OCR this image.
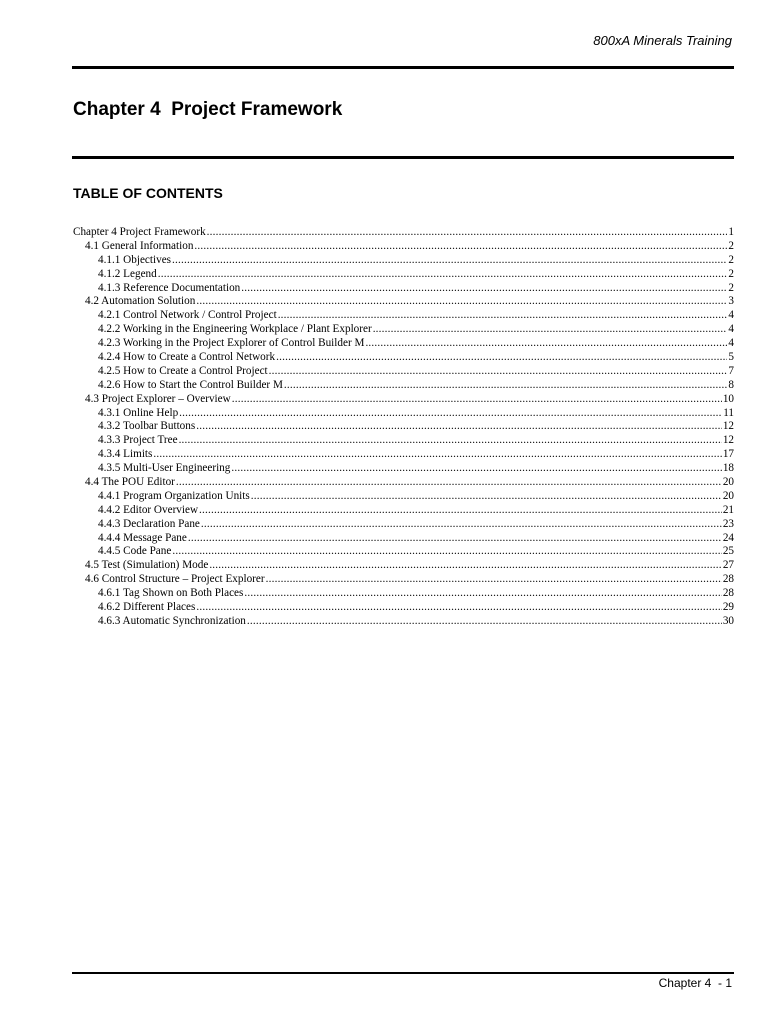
800xA Minerals Training
Chapter 4  Project Framework
TABLE OF CONTENTS
Chapter 4 Project Framework .....	1
4.1 General Information .....	2
4.1.1 Objectives .....	2
4.1.2 Legend .....	2
4.1.3 Reference Documentation .....	2
4.2 Automation Solution .....	3
4.2.1 Control Network / Control Project .....	4
4.2.2 Working in the Engineering Workplace / Plant Explorer .....	4
4.2.3 Working in the Project Explorer of Control Builder M .....	4
4.2.4 How to Create a Control Network .....	5
4.2.5 How to Create a Control Project .....	7
4.2.6 How to Start the Control Builder M .....	8
4.3 Project Explorer – Overview .....	10
4.3.1 Online Help .....	11
4.3.2 Toolbar Buttons .....	12
4.3.3 Project Tree .....	12
4.3.4 Limits .....	17
4.3.5 Multi-User Engineering .....	18
4.4 The POU Editor .....	20
4.4.1 Program Organization Units .....	20
4.4.2 Editor Overview .....	21
4.4.3 Declaration Pane .....	23
4.4.4 Message Pane .....	24
4.4.5 Code Pane .....	25
4.5 Test (Simulation) Mode .....	27
4.6 Control Structure – Project Explorer .....	28
4.6.1 Tag Shown on Both Places .....	28
4.6.2 Different Places .....	29
4.6.3 Automatic Synchronization .....	30
Chapter 4  - 1
